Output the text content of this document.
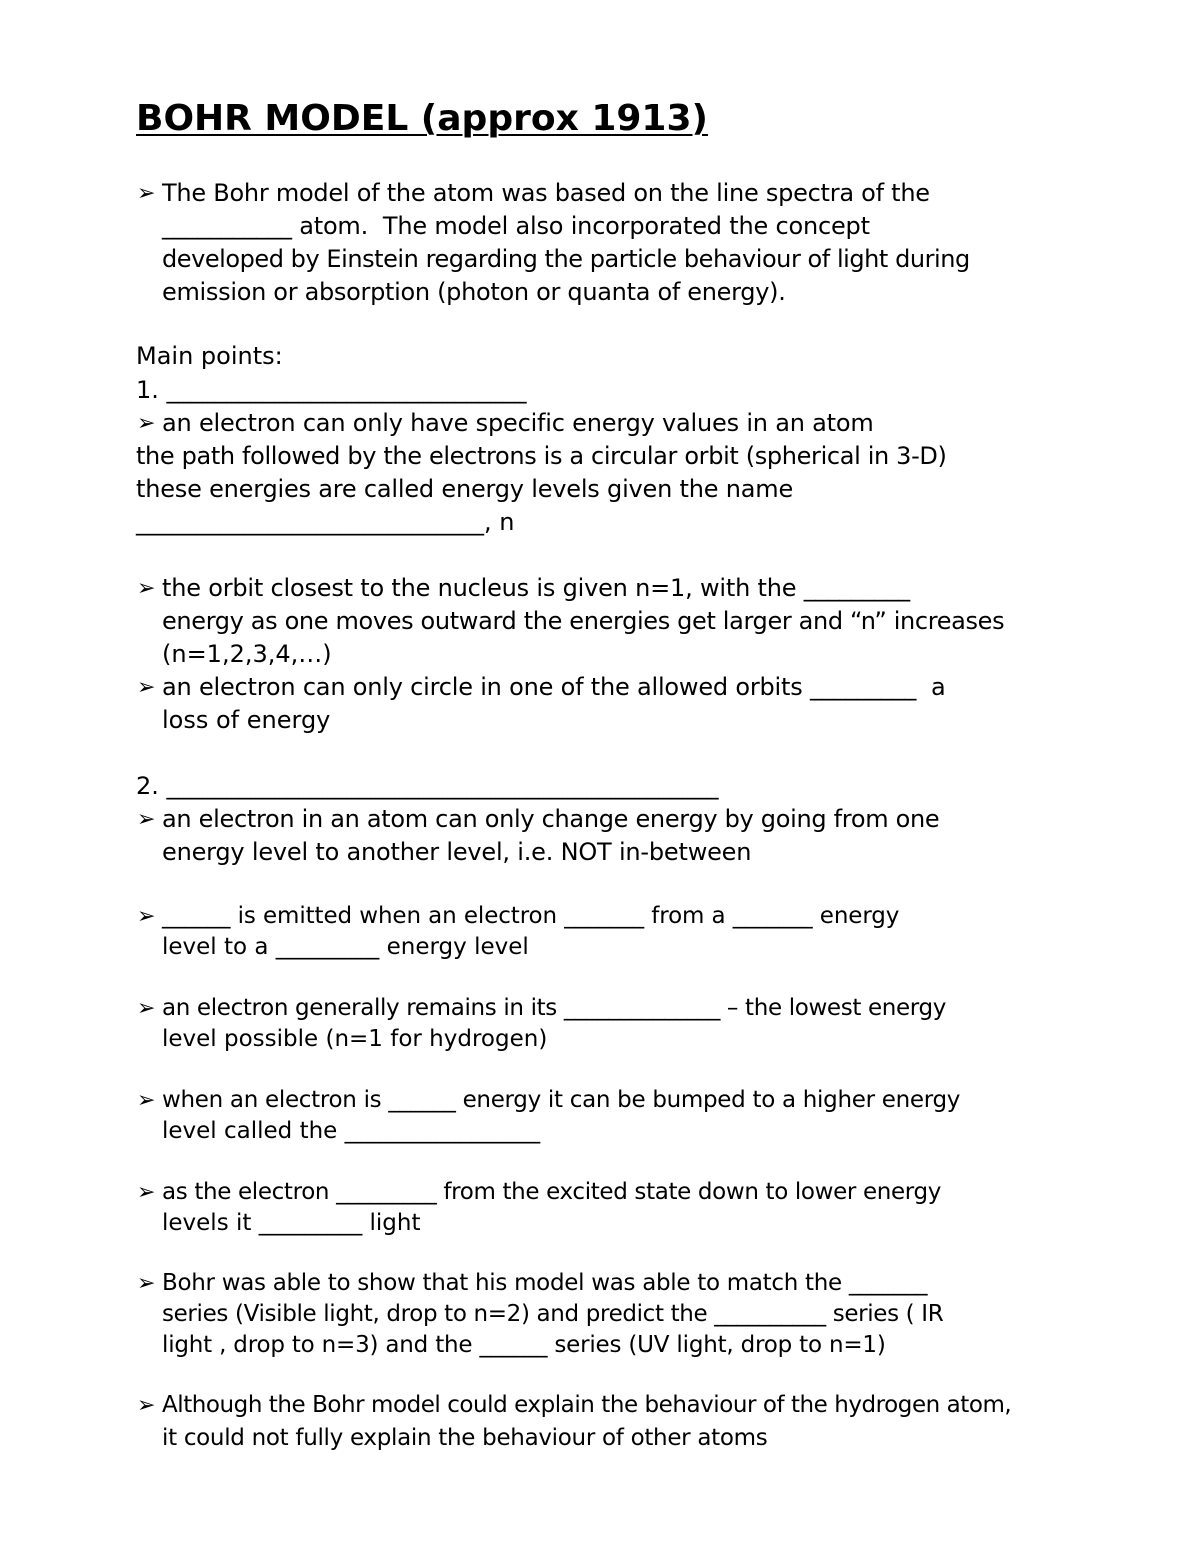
BOHR MODEL (approx 1913)
➢ The Bohr model of the atom was based on the line spectra of the
___________ atom.  The model also incorporated the concept
developed by Einstein regarding the particle behaviour of light during
emission or absorption (photon or quanta of energy).
Main points:
1. ______________________________
➢ an electron can only have specific energy values in an atom
the path followed by the electrons is a circular orbit (spherical in 3-D)
these energies are called energy levels given the name
_____________________________, n
➢ the orbit closest to the nucleus is given n=1, with the _________
energy as one moves outward the energies get larger and “n” increases
(n=1,2,3,4,…)
➢ an electron can only circle in one of the allowed orbits _________  a
loss of energy
2. ______________________________________________
➢ an electron in an atom can only change energy by going from one
energy level to another level, i.e. NOT in-between
➢ ______ is emitted when an electron _______ from a _______ energy
level to a _________ energy level
➢ an electron generally remains in its ______________ – the lowest energy
level possible (n=1 for hydrogen)
➢ when an electron is ______ energy it can be bumped to a higher energy
level called the _________________
➢ as the electron _________ from the excited state down to lower energy
levels it _________ light
➢ Bohr was able to show that his model was able to match the _______
series (Visible light, drop to n=2) and predict the __________ series ( IR
light , drop to n=3) and the ______ series (UV light, drop to n=1)
➢ Although the Bohr model could explain the behaviour of the hydrogen atom,
it could not fully explain the behaviour of other atoms
